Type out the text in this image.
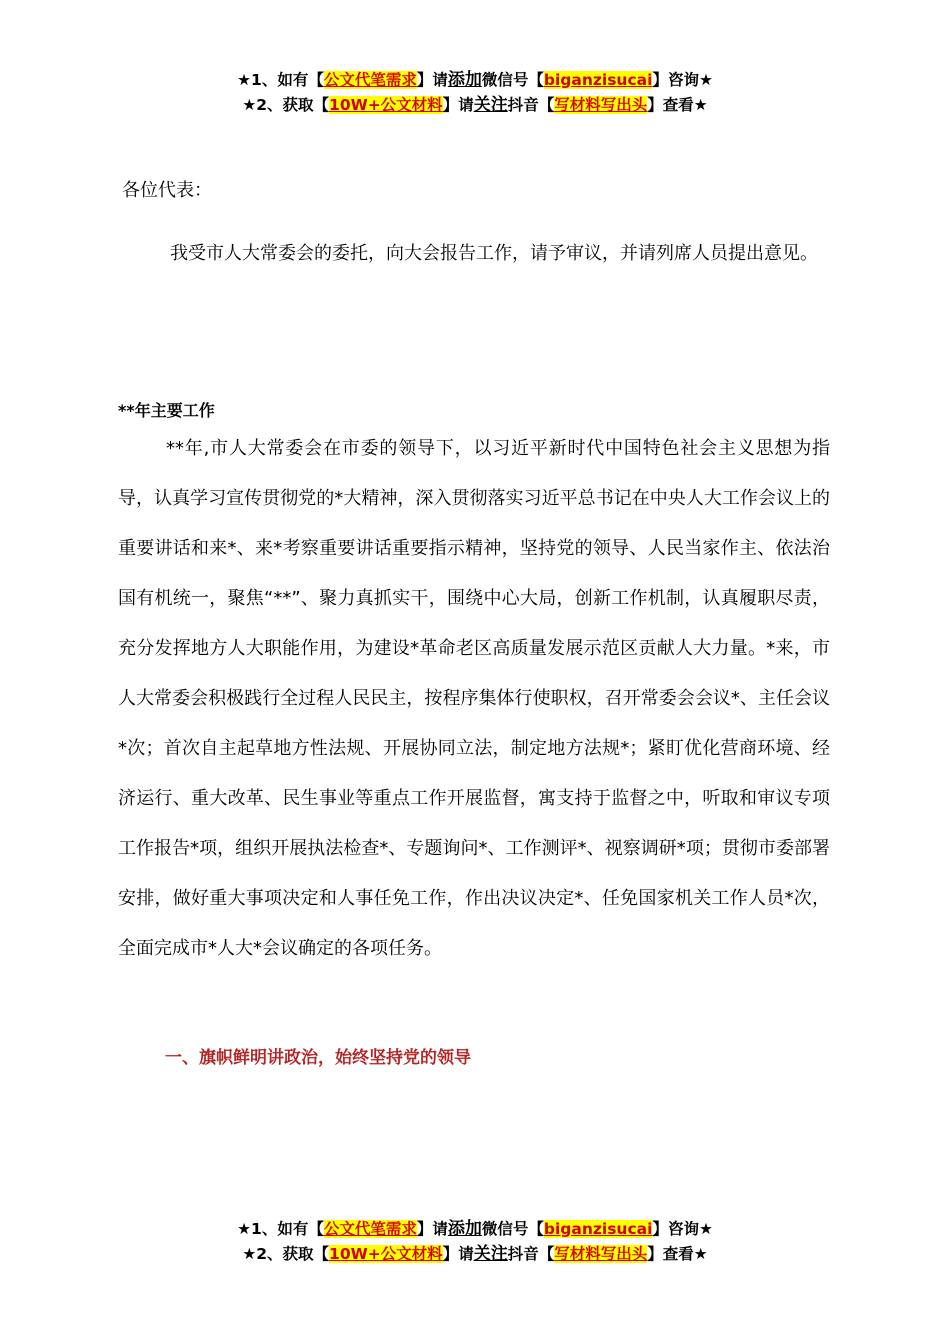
★1、如有【公文代笔需求】请添加微信号【biganzisucai】咨询★
★2、获取【10W+公文材料】请关注抖音【写材料写出头】查看★
各位代表：
我受市人大常委会的委托，向大会报告工作，请予审议，并请列席人员提出意见。
**年主要工作
**年,市人大常委会在市委的领导下，以习近平新时代中国特色社会主义思想为指导，认真学习宣传贯彻党的*大精神，深入贯彻落实习近平总书记在中央人大工作会议上的重要讲话和来*、来*考察重要讲话重要指示精神，坚持党的领导、人民当家作主、依法治国有机统一，聚焦“**”、聚力真抓实干，围绕中心大局，创新工作机制，认真履职尽责，充分发挥地方人大职能作用，为建设*革命老区高质量发展示范区贡献人大力量。*来，市人大常委会积极践行全过程人民民主，按程序集体行使职权，召开常委会会议*、主任会议*次；首次自主起草地方性法规、开展协同立法，制定地方法规*；紧盯优化营商环境、经济运行、重大改革、民生事业等重点工作开展监督，寓支持于监督之中，听取和审议专项工作报告*项，组织开展执法检查*、专题询问*、工作测评*、视察调研*项；贯彻市委部署安排，做好重大事项决定和人事任免工作，作出决议决定*、任免国家机关工作人员*次，全面完成市*人大*会议确定的各项任务。
一、旗帜鲜明讲政治，始终坚持党的领导
★1、如有【公文代笔需求】请添加微信号【biganzisucai】咨询★
★2、获取【10W+公文材料】请关注抖音【写材料写出头】查看★
